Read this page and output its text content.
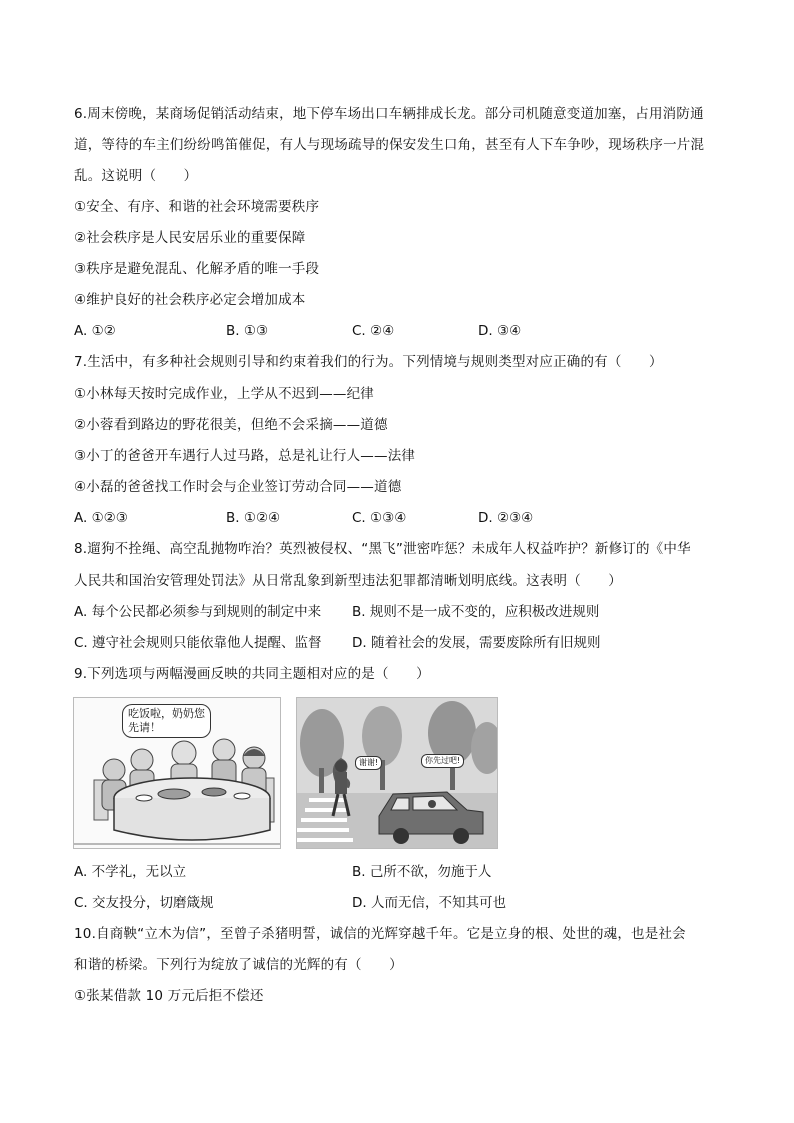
6.周末傍晚，某商场促销活动结束，地下停车场出口车辆排成长龙。部分司机随意变道加塞，占用消防通
道，等待的车主们纷纷鸣笛催促，有人与现场疏导的保安发生口角，甚至有人下车争吵，现场秩序一片混
乱。这说明（　　）
①安全、有序、和谐的社会环境需要秩序
②社会秩序是人民安居乐业的重要保障
③秩序是避免混乱、化解矛盾的唯一手段
④维护良好的社会秩序必定会增加成本
A. ①②	B. ①③	C. ②④	D. ③④
7.生活中，有多种社会规则引导和约束着我们的行为。下列情境与规则类型对应正确的有（　　）
①小林每天按时完成作业，上学从不迟到——纪律
②小蓉看到路边的野花很美，但绝不会采摘——道德
③小丁的爸爸开车遇行人过马路，总是礼让行人——法律
④小磊的爸爸找工作时会与企业签订劳动合同——道德
A. ①②③	B. ①②④	C. ①③④	D. ②③④
8.遛狗不拴绳、高空乱抛物咋治？英烈被侵权、“黑飞”泄密咋惩？未成年人权益咋护？新修订的《中华
人民共和国治安管理处罚法》从日常乱象到新型违法犯罪都清晰划明底线。这表明（　　）
A. 每个公民都必须参与到规则的制定中来 B. 规则不是一成不变的，应积极改进规则
C. 遵守社会规则只能依靠他人提醒、监督 D. 随着社会的发展，需要废除所有旧规则
9.下列选项与两幅漫画反映的共同主题相对应的是（　　）
吃饭啦，奶奶您
先请！
谢谢!	你先过吧!
A. 不学礼，无以立	B. 己所不欲，勿施于人
C. 交友投分，切磨箴规	D. 人而无信，不知其可也
10.自商鞅“立木为信”，至曾子杀猪明誓，诚信的光辉穿越千年。它是立身的根、处世的魂，也是社会
和谐的桥梁。下列行为绽放了诚信的光辉的有（　　）
①张某借款 10 万元后拒不偿还
